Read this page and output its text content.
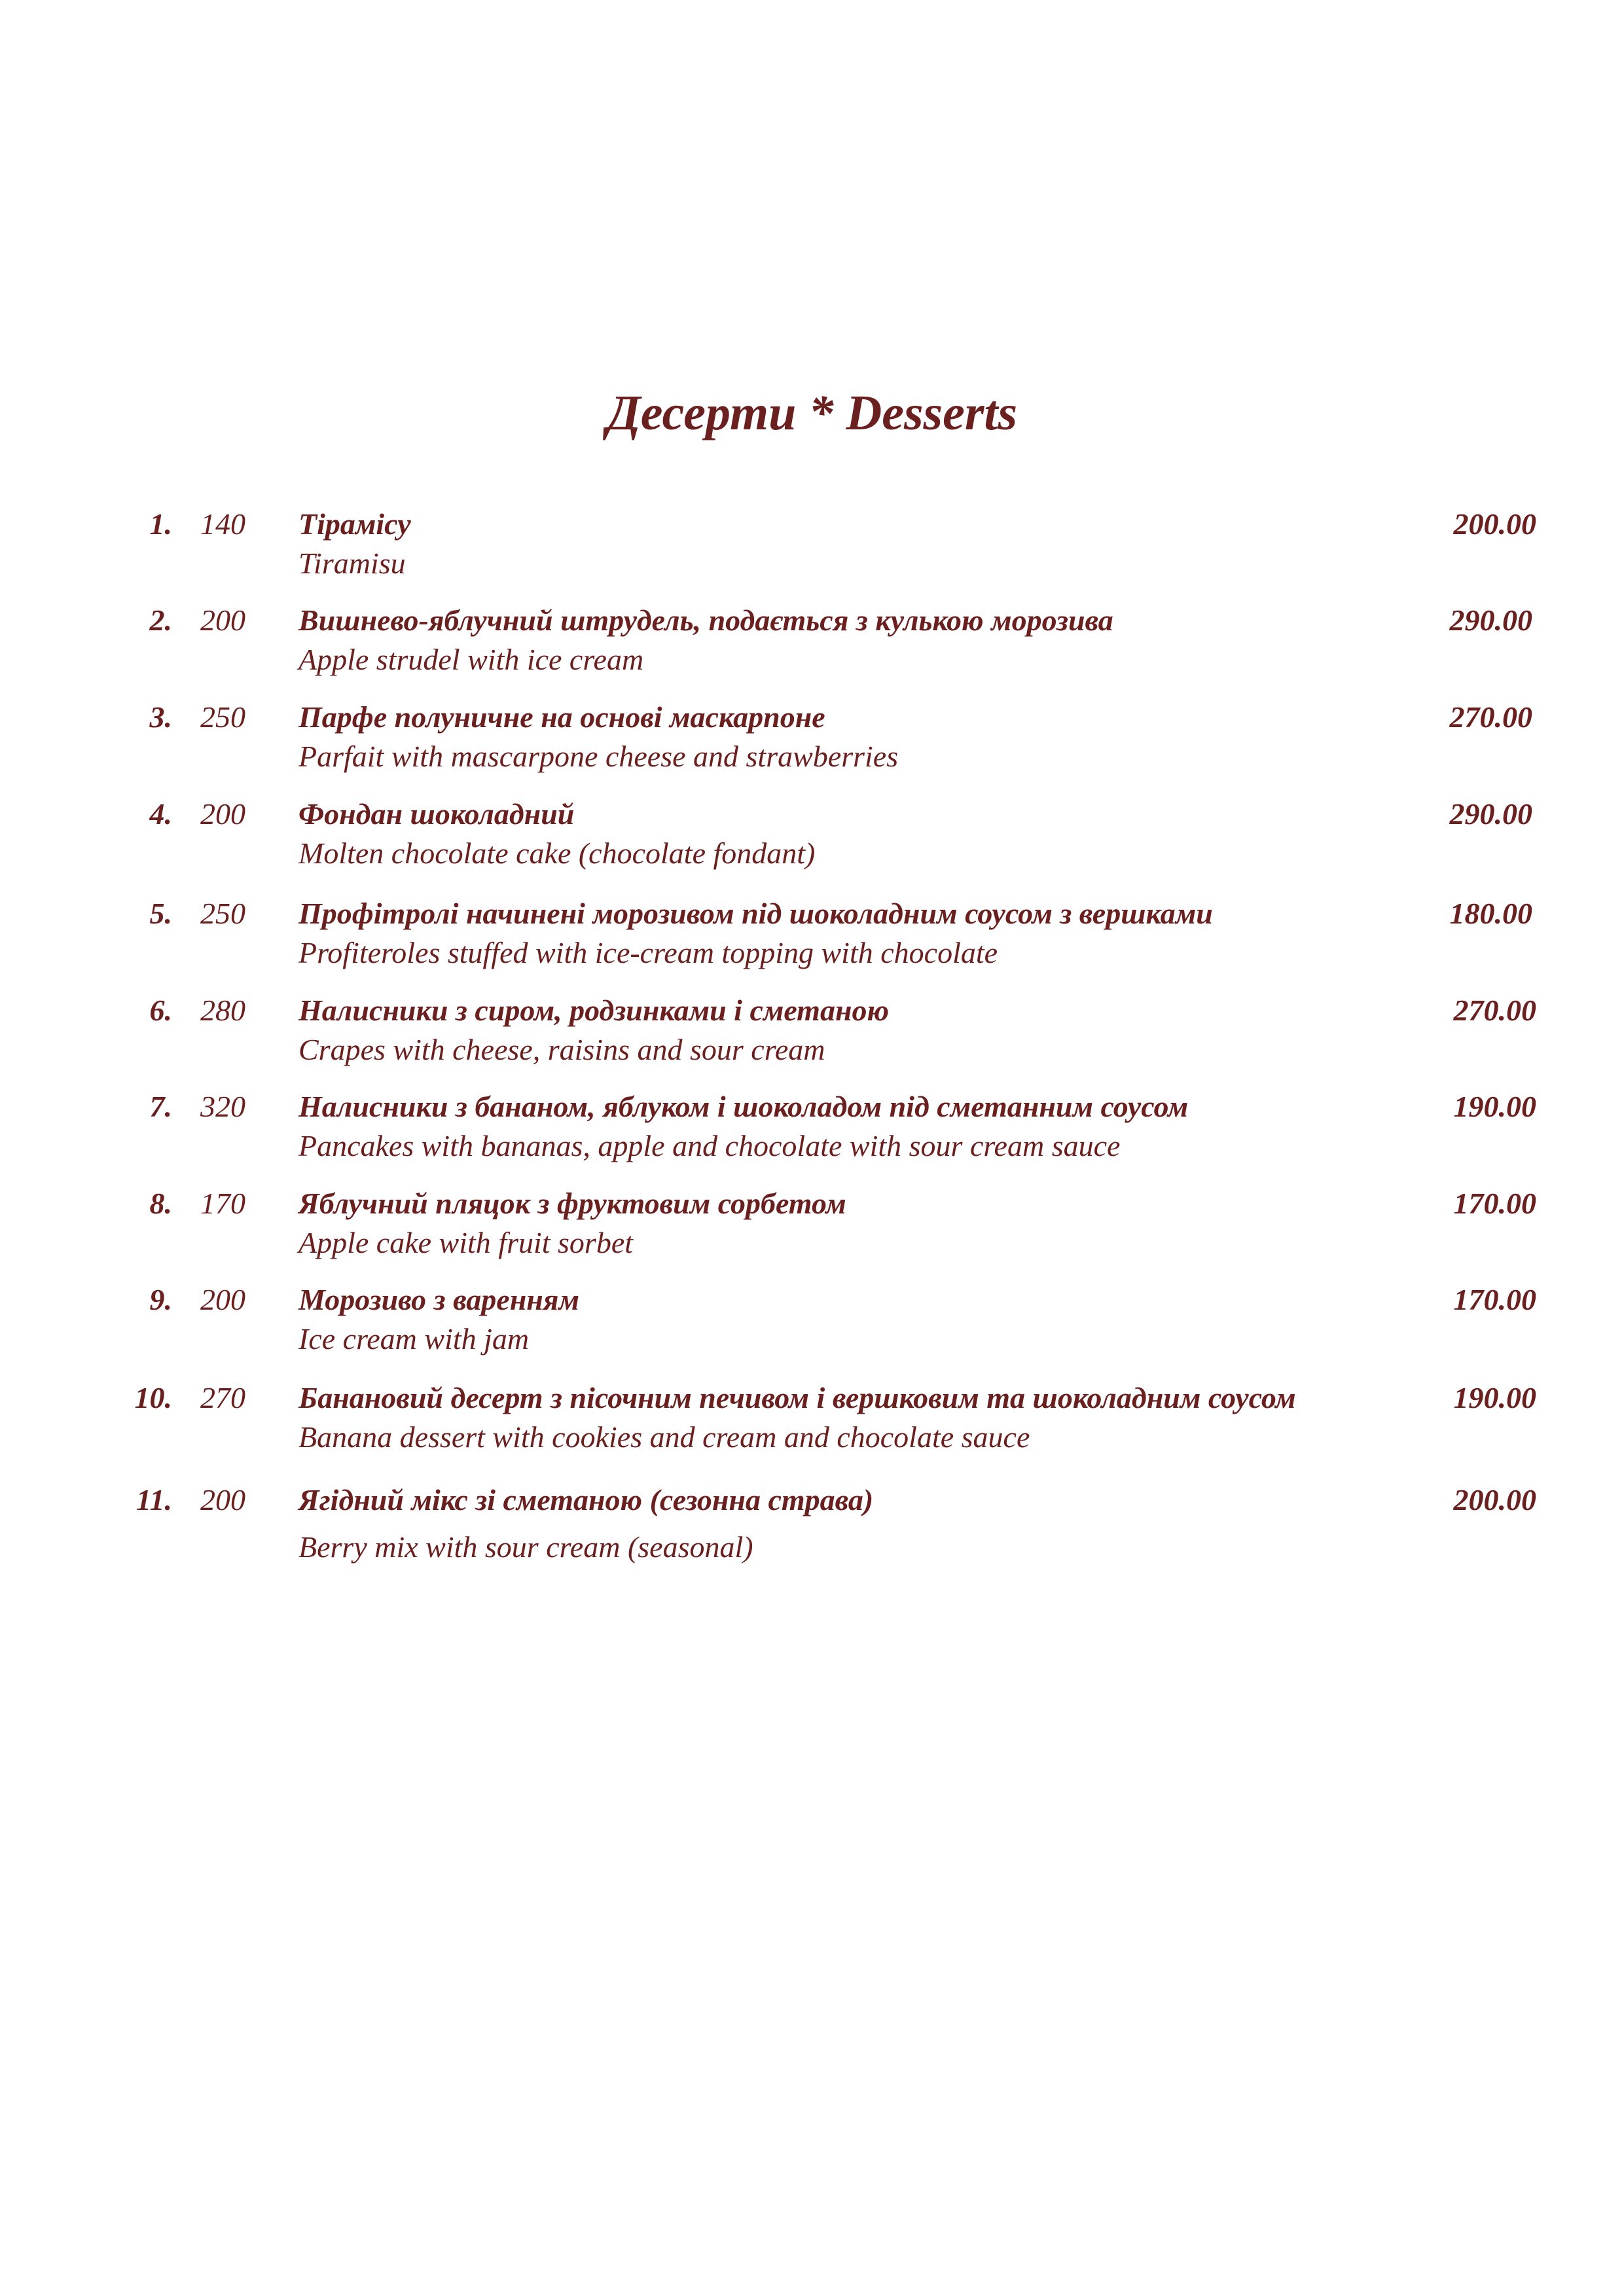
Десерти * Desserts
1. 140 Тірамісу
Tiramisu
200.00
2. 200 Вишнево-яблучний штрудель, подається з кулькою морозива
Apple strudel with ice cream
290.00
3. 250 Парфе полуничне на основі маскарпоне
Parfait with mascarpone cheese and strawberries
270.00
4. 200 Фондан шоколадний
Molten chocolate cake (chocolate fondant)
290.00
5. 250 Профітролі начинені морозивом під шоколадним соусом з вершками
Profiteroles stuffed with ice-cream topping with chocolate
180.00
6. 280 Налисники з сиром, родзинками і сметаною
Crapes with cheese, raisins and sour cream
270.00
7. 320 Налисники з бананом, яблуком і шоколадом під сметанним соусом
Pancakes with bananas, apple and chocolate with sour cream sauce
190.00
8. 170 Яблучний пляцок з фруктовим сорбетом
Apple cake with fruit sorbet
170.00
9. 200 Морозиво з варенням
Ice cream with jam
170.00
10. 270 Банановий десерт з пісочним печивом і вершковим та шоколадним соусом
Banana dessert with cookies and cream and chocolate sauce
190.00
11. 200 Ягідний мікс зі сметаною (сезонна страва)
Berry mix with sour cream (seasonal)
200.00
